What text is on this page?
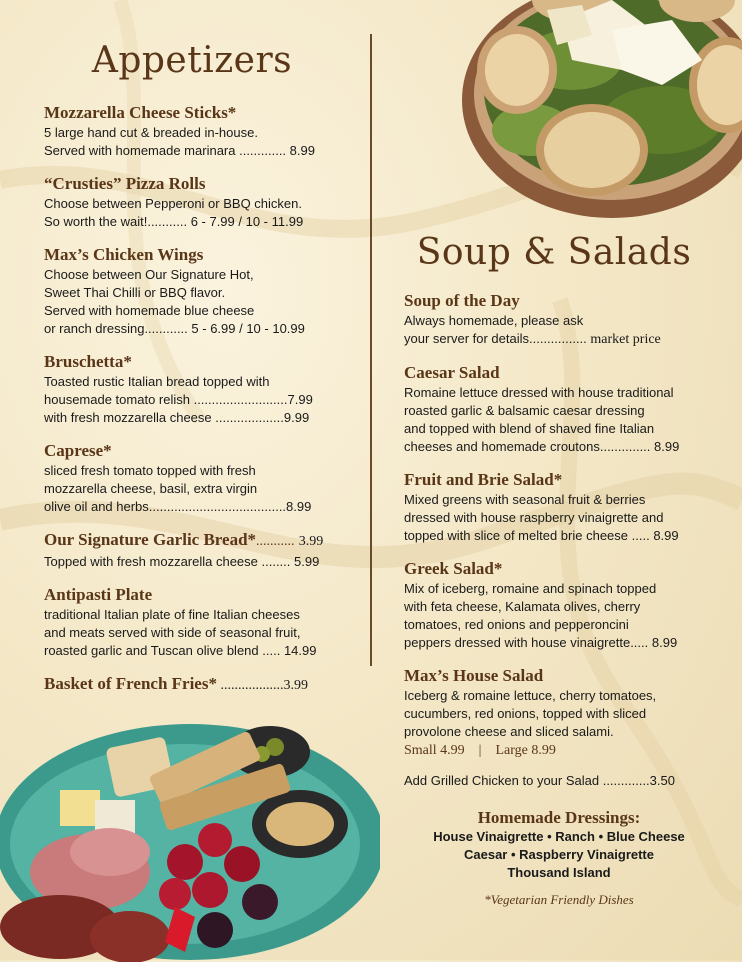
Appetizers
Mozzarella Cheese Sticks*
5 large hand cut & breaded in-house.
Served with homemade marinara ............. 8.99
“Crusties” Pizza Rolls
Choose between Pepperoni or BBQ chicken.
So worth the wait!........... 6 - 7.99 / 10 - 11.99
Max’s Chicken Wings
Choose between Our Signature Hot,
Sweet Thai Chilli or BBQ flavor.
Served with homemade blue cheese
or ranch dressing............ 5 - 6.99 / 10 - 10.99
Bruschetta*
Toasted rustic Italian bread topped with
housemade tomato relish ..........................7.99
with fresh mozzarella cheese ...................9.99
Caprese*
sliced fresh tomato topped with fresh
mozzarella cheese, basil, extra virgin
olive oil and herbs......................................8.99
Our Signature Garlic Bread*........... 3.99
Topped with fresh mozzarella cheese ........ 5.99
Antipasti Plate
traditional Italian plate of fine Italian cheeses
and meats served with side of seasonal fruit,
roasted garlic and Tuscan olive blend ..... 14.99
Basket of French Fries* ..................3.99
Soup & Salads
Soup of the Day
Always homemade, please ask
your server for details................ market price
Caesar Salad
Romaine lettuce dressed with house traditional
roasted garlic & balsamic caesar dressing
and topped with blend of shaved fine Italian
cheeses and homemade croutons.............. 8.99
Fruit and Brie Salad*
Mixed greens with seasonal fruit & berries
dressed with house raspberry vinaigrette and
topped with slice of melted brie cheese ..... 8.99
Greek Salad*
Mix of iceberg, romaine and spinach topped
with feta cheese, Kalamata olives, cherry
tomatoes, red onions and pepperoncini
peppers dressed with house vinaigrette..... 8.99
Max’s House Salad
Iceberg & romaine lettuce, cherry tomatoes,
cucumbers, red onions, topped with sliced
provolone cheese and sliced salami.
Small 4.99    |    Large 8.99
Add Grilled Chicken to your Salad .............3.50
Homemade Dressings:
House Vinaigrette • Ranch • Blue Cheese
Caesar • Raspberry Vinaigrette
Thousand Island
*Vegetarian Friendly Dishes
